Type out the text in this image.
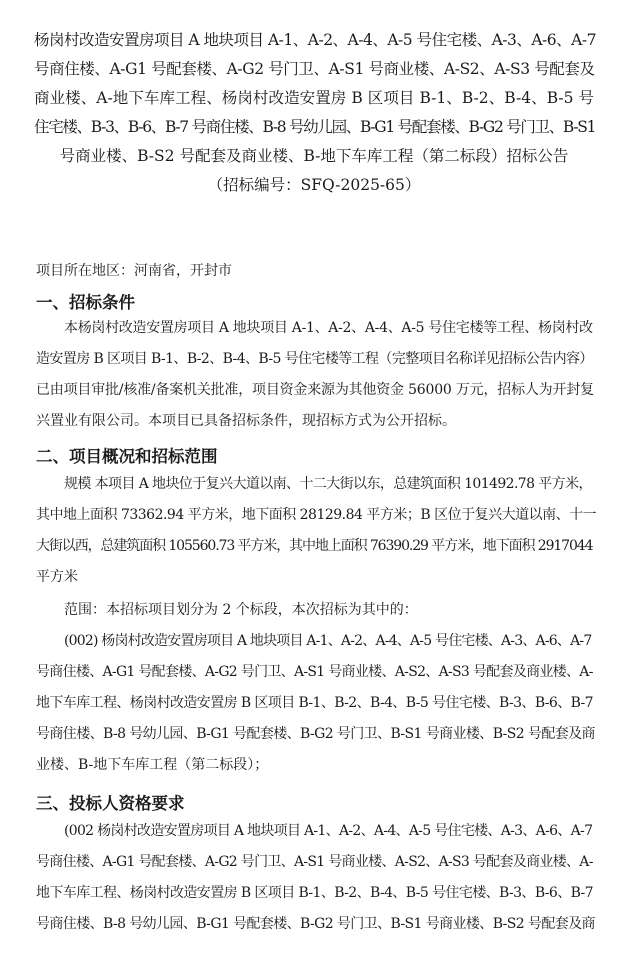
杨岗村改造安置房项目 A 地块项目 A-1、A-2、A-4、A-5 号住宅楼、A-3、A-6、A-7
号商住楼、A-G1 号配套楼、A-G2 号门卫、A-S1 号商业楼、A-S2、A-S3 号配套及
商业楼、A-地下车库工程、杨岗村改造安置房 B 区项目 B-1、B-2、B-4、B-5 号
住宅楼、B-3、B-6、B-7 号商住楼、B-8 号幼儿园、B-G1 号配套楼、B-G2 号门卫、B-S1
号商业楼、B-S2 号配套及商业楼、B-地下车库工程（第二标段）招标公告
（招标编号：SFQ-2025-65）
项目所在地区：河南省，开封市
一、招标条件
本杨岗村改造安置房项目 A 地块项目 A-1、A-2、A-4、A-5 号住宅楼等工程、杨岗村改
造安置房 B 区项目 B-1、B-2、B-4、B-5 号住宅楼等工程（完整项目名称详见招标公告内容）
已由项目审批/核准/备案机关批准，项目资金来源为其他资金 56000 万元，招标人为开封复
兴置业有限公司。本项目已具备招标条件，现招标方式为公开招标。
二、项目概况和招标范围
规模 本项目 A 地块位于复兴大道以南、十二大街以东，总建筑面积 101492.78 平方米，
其中地上面积 73362.94 平方米，地下面积 28129.84 平方米；B 区位于复兴大道以南、十一
大街以西，总建筑面积 105560.73 平方米，其中地上面积 76390.29 平方米，地下面积 2917044
平方米
范围：本招标项目划分为 2 个标段，本次招标为其中的：
(002) 杨岗村改造安置房项目 A 地块项目 A-1、A-2、A-4、A-5 号住宅楼、A-3、A-6、A-7
号商住楼、A-G1 号配套楼、A-G2 号门卫、A-S1 号商业楼、A-S2、A-S3 号配套及商业楼、A-
地下车库工程、杨岗村改造安置房 B 区项目 B-1、B-2、B-4、B-5 号住宅楼、B-3、B-6、B-7
号商住楼、B-8 号幼儿园、B-G1 号配套楼、B-G2 号门卫、B-S1 号商业楼、B-S2 号配套及商
业楼、B-地下车库工程（第二标段）；
三、投标人资格要求
(002 杨岗村改造安置房项目 A 地块项目 A-1、A-2、A-4、A-5 号住宅楼、A-3、A-6、A-7
号商住楼、A-G1 号配套楼、A-G2 号门卫、A-S1 号商业楼、A-S2、A-S3 号配套及商业楼、A-
地下车库工程、杨岗村改造安置房 B 区项目 B-1、B-2、B-4、B-5 号住宅楼、B-3、B-6、B-7
号商住楼、B-8 号幼儿园、B-G1 号配套楼、B-G2 号门卫、B-S1 号商业楼、B-S2 号配套及商
